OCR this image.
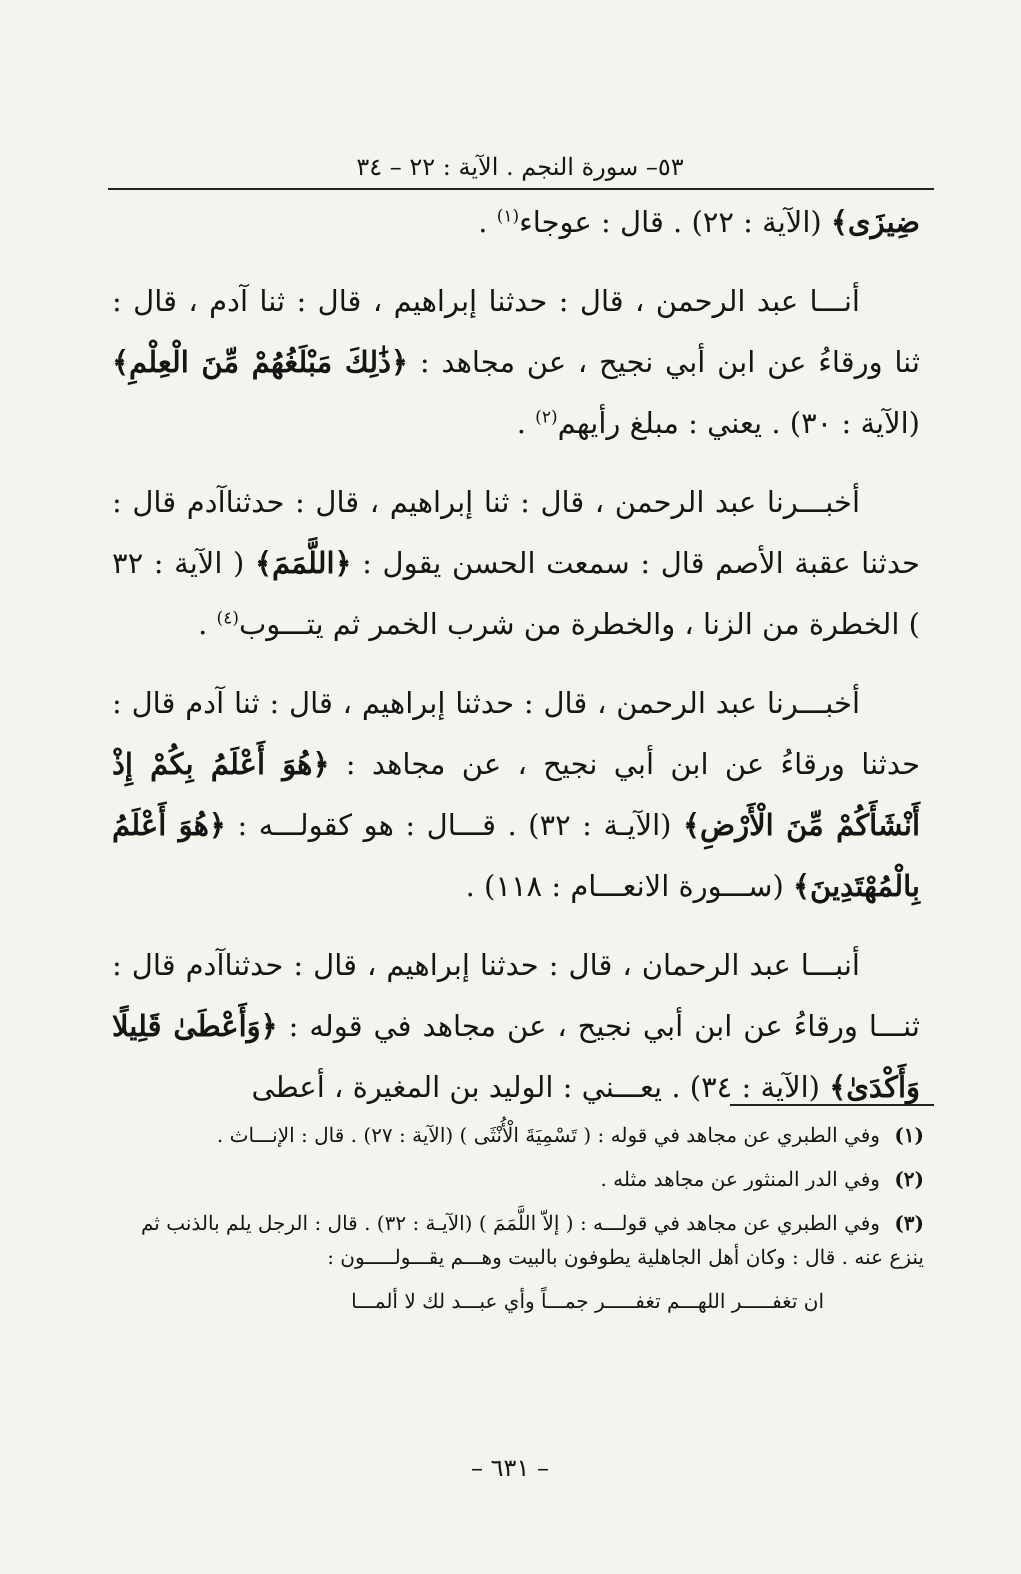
٥٣– سورة النجم . الآية : ٢٢ – ٣٤

ضِيزَى﴾ (الآية : ٢٢) . قال : عوجاء$^{(١)}$ .

أنـــا عبد الرحمن ، قال : حدثنا إبراهيم ، قال : ثنا آدم ، قال : ثنا ورقاءُ عن ابن أبي نجيح ، عن مجاهد : ﴿ذَٰلِكَ مَبْلَغُهُمْ مِّنَ الْعِلْمِ﴾ (الآية : ٣٠) . يعني : مبلغ رأيهم$^{(٢)}$ .

أخبـــرنا عبد الرحمن ، قال : ثنا إبراهيم ، قال : حدثناآدم قال : حدثنا عقبة الأصم قال : سمعت الحسن يقول : ﴿اللَّمَمَ﴾ ( الآية : ٣٢ ) الخطرة من الزنا ، والخطرة من شرب الخمر ثم يتـــوب$^{(٤)}$ .

أخبـــرنا عبد الرحمن ، قال : حدثنا إبراهيم ، قال : ثنا آدم قال : حدثنا ورقاءُ عن ابن أبي نجيح ، عن مجاهد : ﴿هُوَ أَعْلَمُ بِكُمْ إِذْ أَنْشَأَكُمْ مِّنَ الْأَرْضِ﴾ (الآيـة : ٣٢) . قـــال : هو كقولـــه : ﴿هُوَ أَعْلَمُ بِالْمُهْتَدِينَ﴾ (ســـورة الانعـــام : ١١٨) .

أنبـــا عبد الرحمان ، قال : حدثنا إبراهيم ، قال : حدثناآدم قال : ثنـــا ورقاءُ عن ابن أبي نجيح ، عن مجاهد في قوله : ﴿وَأَعْطَىٰ قَلِيلًا وَأَكْدَىٰ﴾ (الآية : ٣٤) . يعـــني : الوليد بن المغيرة ، أعطى

(١) وفي الطبري عن مجاهد في قوله : ( تَسْمِيَةَ الْأُنْثَى ) (الآية : ٢٧) . قال : الإنـــاث .
(٢) وفي الدر المنثور عن مجاهد مثله .
(٣) وفي الطبري عن مجاهد في قولـــه : ( إلاّ اللَّمَمَ ) (الآيـة : ٣٢) . قال : الرجل يلم بالذنب ثم ينزع عنه . قال : وكان أهل الجاهلية يطوفون بالبيت وهـــم يقـــولـــــون :
ان تغفـــــر اللهـــم تغفـــــر جمـــاً وأي عبـــد لك لا ألمـــا
– ٦٣١ –
